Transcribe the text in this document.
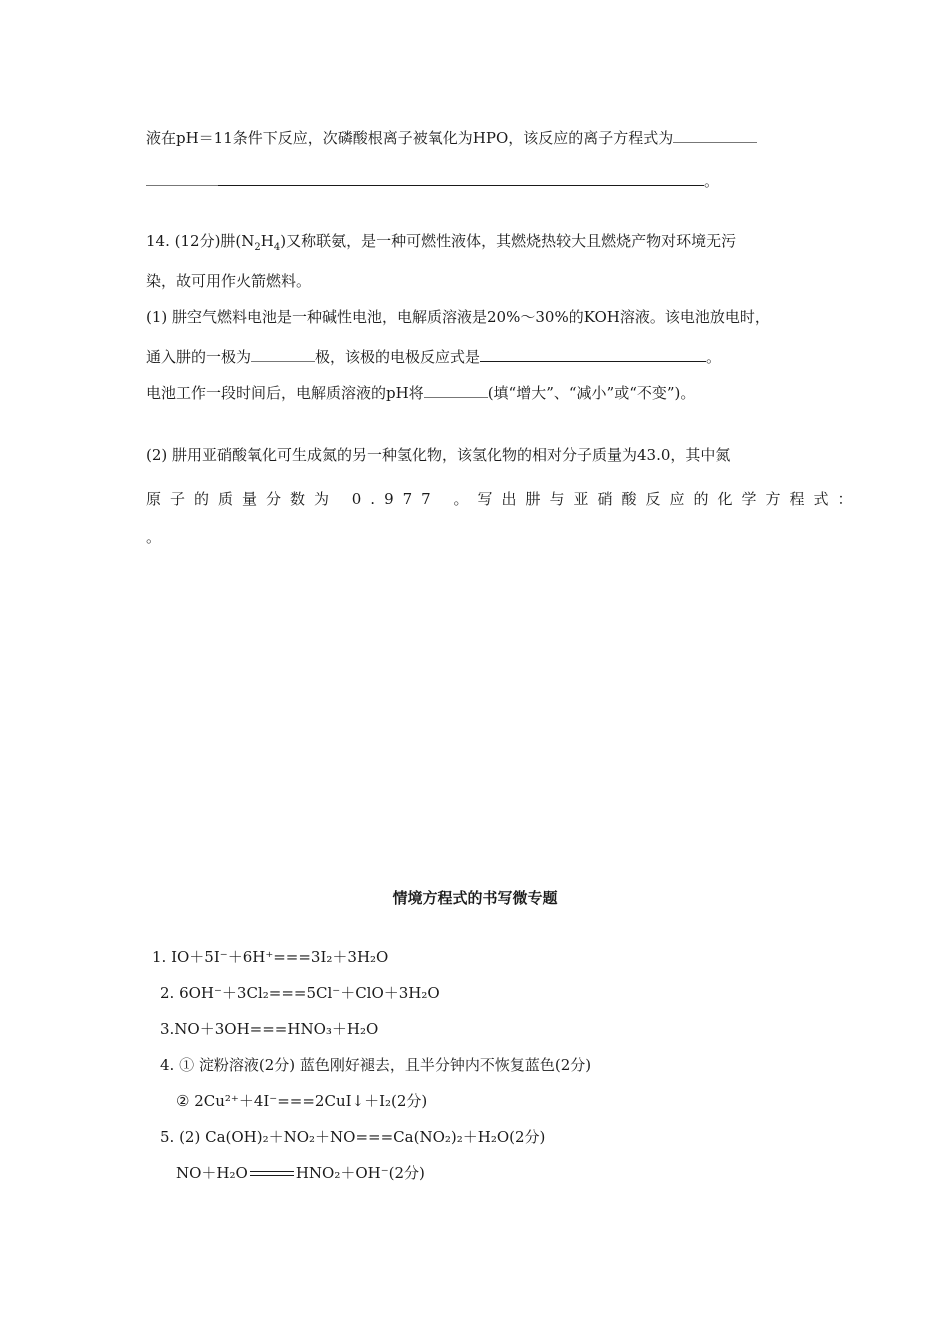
液在pH＝11条件下反应，次磷酸根离子被氧化为HPO，该反应的离子方程式为
。
14. (12分)肼$(N_2H_4)$又称联氨，是一种可燃性液体，其燃烧热较大且燃烧产物对环境无污
染，故可用作火箭燃料。
(1) 肼空气燃料电池是一种碱性电池，电解质溶液是20%～30%的KOH溶液。该电池放电时，
通入肼的一极为	极，该极的电极反应式是	。
电池工作一段时间后，电解质溶液的pH将	(填“增大”、“减小”或“不变”)。
(2) 肼用亚硝酸氧化可生成氮的另一种氢化物，该氢化物的相对分子质量为43.0，其中氮
原子的质量分数为 0.977 。写出肼与亚硝酸反应的化学方程式：
。
情境方程式的书写微专题
1. IO＋5I⁻＋6H⁺===3I₂＋3H₂O
2. 6OH⁻＋3Cl₂===5Cl⁻＋ClO＋3H₂O
3.NO＋3OH===HNO₃＋H₂O
4. ① 淀粉溶液(2分) 蓝色刚好褪去，且半分钟内不恢复蓝色(2分)
② 2Cu²⁺＋4I⁻===2CuI↓＋I₂(2分)
5. (2) Ca(OH)₂＋NO₂＋NO===Ca(NO₂)₂＋H₂O(2分)
NO＋H₂O	HNO₂＋OH⁻(2分)
